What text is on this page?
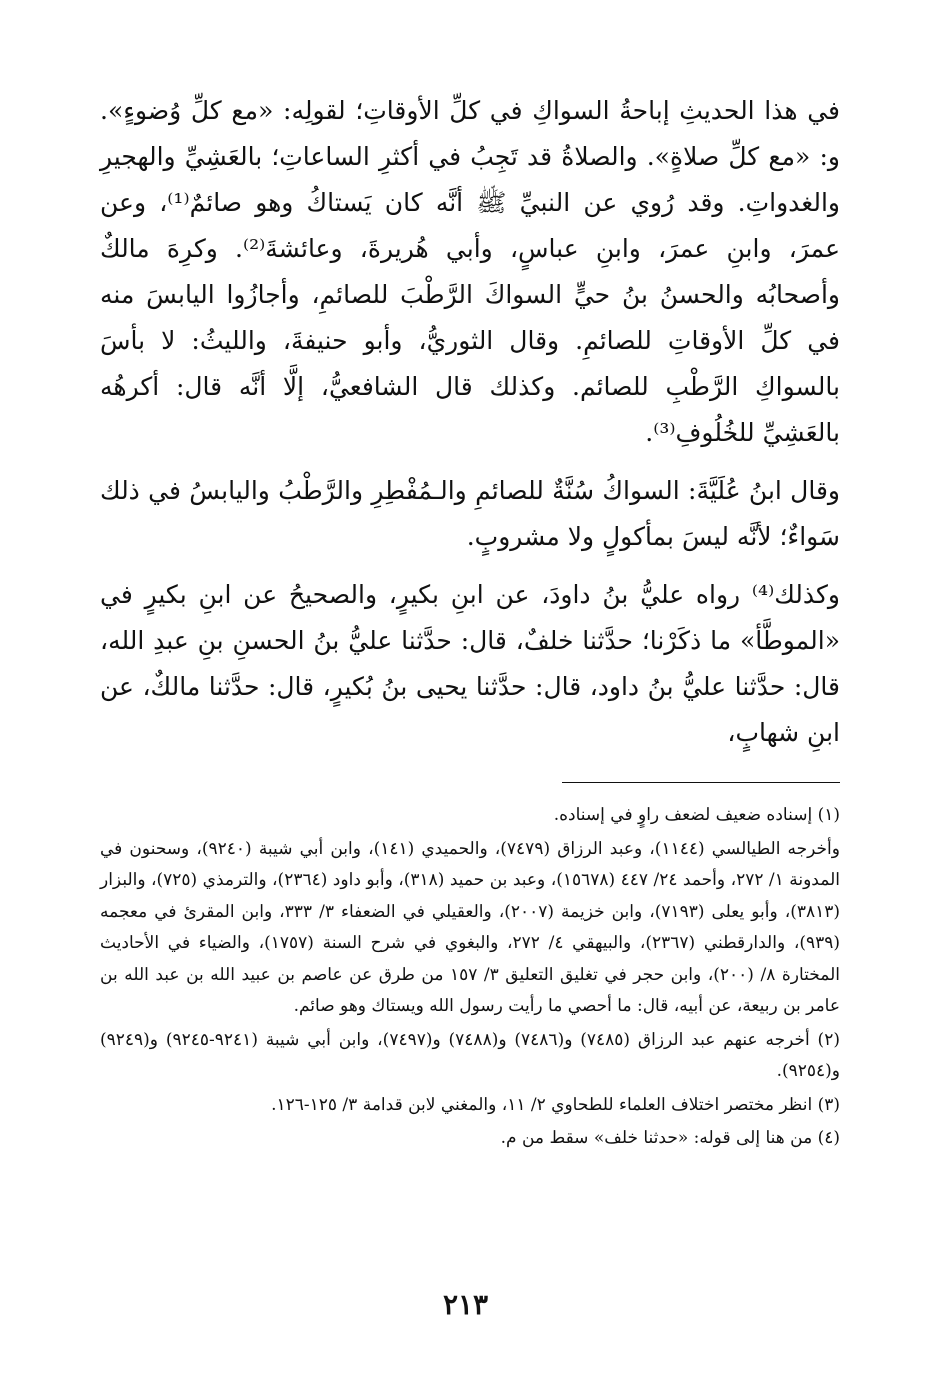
في هذا الحديثِ إباحةُ السواكِ في كلِّ الأوقاتِ؛ لقولِه: «مع كلِّ وُضوءٍ». و: «مع كلِّ صلاةٍ». والصلاةُ قد تَجِبُ في أكثرِ الساعاتِ؛ بالعَشِيِّ والهجيرِ والغدواتِ. وقد رُوي عن النبيِّ ﷺ أنَّه كان يَستاكُ وهو صائمٌ⁽¹⁾، وعن عمرَ، وابنِ عمرَ، وابنِ عباسٍ، وأبي هُريرةَ، وعائشةَ⁽²⁾. وكرِهَ مالكٌ وأصحابُه والحسنُ بنُ حيٍّ السواكَ الرَّطْبَ للصائمِ، وأجازُوا اليابسَ منه في كلِّ الأوقاتِ للصائمِ. وقال الثوريُّ، وأبو حنيفةَ، والليثُ: لا بأسَ بالسواكِ الرَّطْبِ للصائم. وكذلك قال الشافعيُّ، إلَّا أنَّه قال: أكرهُه بالعَشِيِّ للخُلُوفِ⁽³⁾.

وقال ابنُ عُلَيَّةَ: السواكُ سُنَّةٌ للصائمِ والـمُفْطِرِ والرَّطْبُ واليابسُ في ذلك سَواءٌ؛ لأنَّه ليسَ بمأكولٍ ولا مشروبٍ.

وكذلك⁽⁴⁾ رواه عليُّ بنُ داودَ، عن ابنِ بكيرٍ، والصحيحُ عن ابنِ بكيرٍ في «الموطَّأ» ما ذكَرْنا؛ حدَّثنا خلفٌ، قال: حدَّثنا عليُّ بنُ الحسنِ بنِ عبدِ الله، قال: حدَّثنا عليُّ بنُ داود، قال: حدَّثنا يحيى بنُ بُكيرٍ، قال: حدَّثنا مالكٌ، عن ابنِ شهابٍ،

(١) إسناده ضعيف لضعف راوٍ في إسناده.

وأخرجه الطيالسي (١١٤٤)، وعبد الرزاق (٧٤٧٩)، والحميدي (١٤١)، وابن أبي شيبة (٩٢٤٠)، وسحنون في المدونة ١/ ٢٧٢، وأحمد ٢٤/ ٤٤٧ (١٥٦٧٨)، وعبد بن حميد (٣١٨)، وأبو داود (٢٣٦٤)، والترمذي (٧٢٥)، والبزار (٣٨١٣)، وأبو يعلى (٧١٩٣)، وابن خزيمة (٢٠٠٧)، والعقيلي في الضعفاء ٣/ ٣٣٣، وابن المقرئ في معجمه (٩٣٩)، والدارقطني (٢٣٦٧)، والبيهقي ٤/ ٢٧٢، والبغوي في شرح السنة (١٧٥٧)، والضياء في الأحاديث المختارة ٨/ (٢٠٠)، وابن حجر في تغليق التعليق ٣/ ١٥٧ من طرق عن عاصم بن عبيد الله بن عبد الله بن عامر بن ربيعة، عن أبيه، قال: ما أحصي ما رأيت رسول الله ويستاك وهو صائم.

(٢) أخرجه عنهم عبد الرزاق (٧٤٨٥) و(٧٤٨٦) و(٧٤٨٨) و(٧٤٩٧)، وابن أبي شيبة (٩٢٤١-٩٢٤٥) و(٩٢٤٩) و(٩٢٥٤).

(٣) انظر مختصر اختلاف العلماء للطحاوي ٢/ ١١، والمغني لابن قدامة ٣/ ١٢٥-١٢٦.

(٤) من هنا إلى قوله: «حدثنا خلف» سقط من م.

٢١٣
